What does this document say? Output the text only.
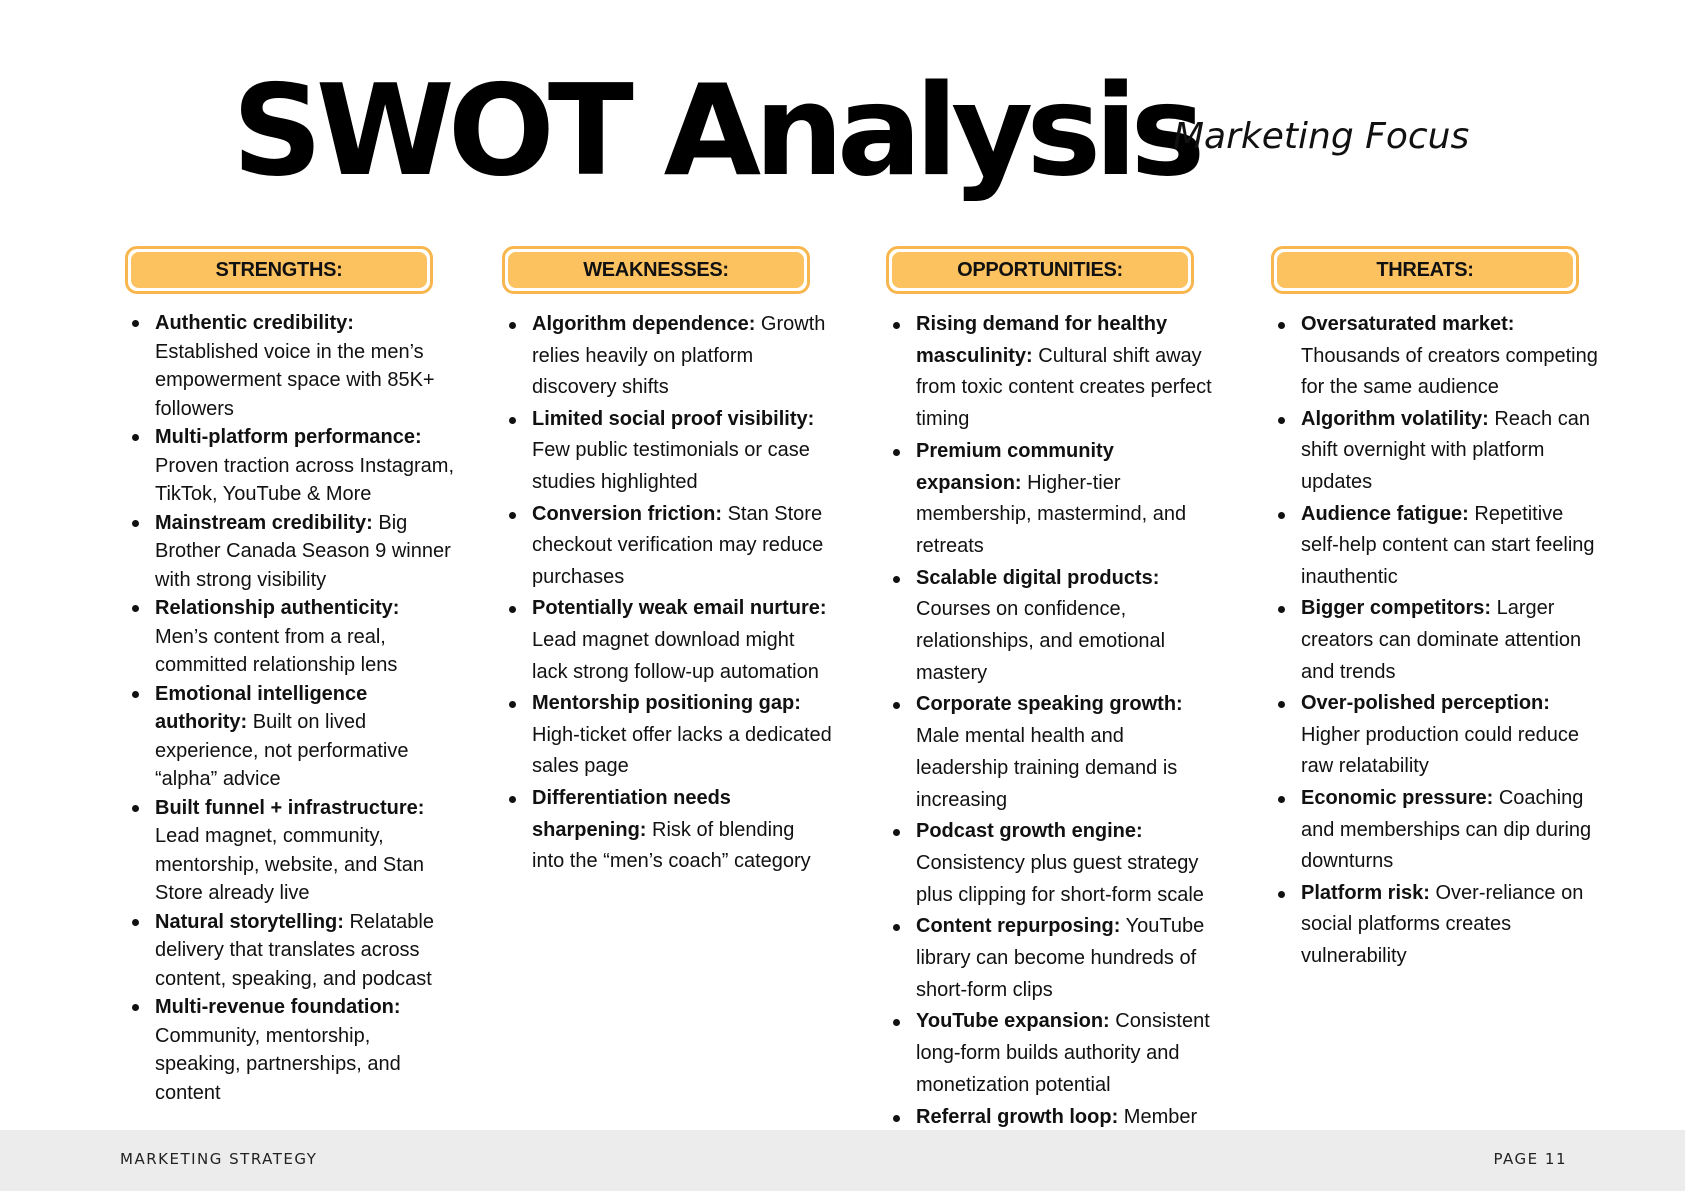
SWOT Analysis
Marketing Focus
STRENGTHS:
Authentic credibility: Established voice in the men’s empowerment space with 85K+ followers
Multi-platform performance: Proven traction across Instagram, TikTok, YouTube & More
Mainstream credibility: Big Brother Canada Season 9 winner with strong visibility
Relationship authenticity: Men’s content from a real, committed relationship lens
Emotional intelligence authority: Built on lived experience, not performative “alpha” advice
Built funnel + infrastructure: Lead magnet, community, mentorship, website, and Stan Store already live
Natural storytelling: Relatable delivery that translates across content, speaking, and podcast
Multi-revenue foundation: Community, mentorship, speaking, partnerships, and content
WEAKNESSES:
Algorithm dependence: Growth relies heavily on platform discovery shifts
Limited social proof visibility: Few public testimonials or case studies highlighted
Conversion friction: Stan Store checkout verification may reduce purchases
Potentially weak email nurture: Lead magnet download might lack strong follow-up automation
Mentorship positioning gap: High-ticket offer lacks a dedicated sales page
Differentiation needs sharpening: Risk of blending into the “men’s coach” category
OPPORTUNITIES:
Rising demand for healthy masculinity: Cultural shift away from toxic content creates perfect timing
Premium community expansion: Higher-tier membership, mastermind, and retreats
Scalable digital products: Courses on confidence, relationships, and emotional mastery
Corporate speaking growth: Male mental health and leadership training demand is increasing
Podcast growth engine: Consistency plus guest strategy plus clipping for short-form scale
Content repurposing: YouTube library can become hundreds of short-form clips
YouTube expansion: Consistent long-form builds authority and monetization potential
Referral growth loop: Member
THREATS:
Oversaturated market: Thousands of creators competing for the same audience
Algorithm volatility: Reach can shift overnight with platform updates
Audience fatigue: Repetitive self-help content can start feeling inauthentic
Bigger competitors: Larger creators can dominate attention and trends
Over-polished perception: Higher production could reduce raw relatability
Economic pressure: Coaching and memberships can dip during downturns
Platform risk: Over-reliance on social platforms creates vulnerability
MARKETING STRATEGY	PAGE 11
